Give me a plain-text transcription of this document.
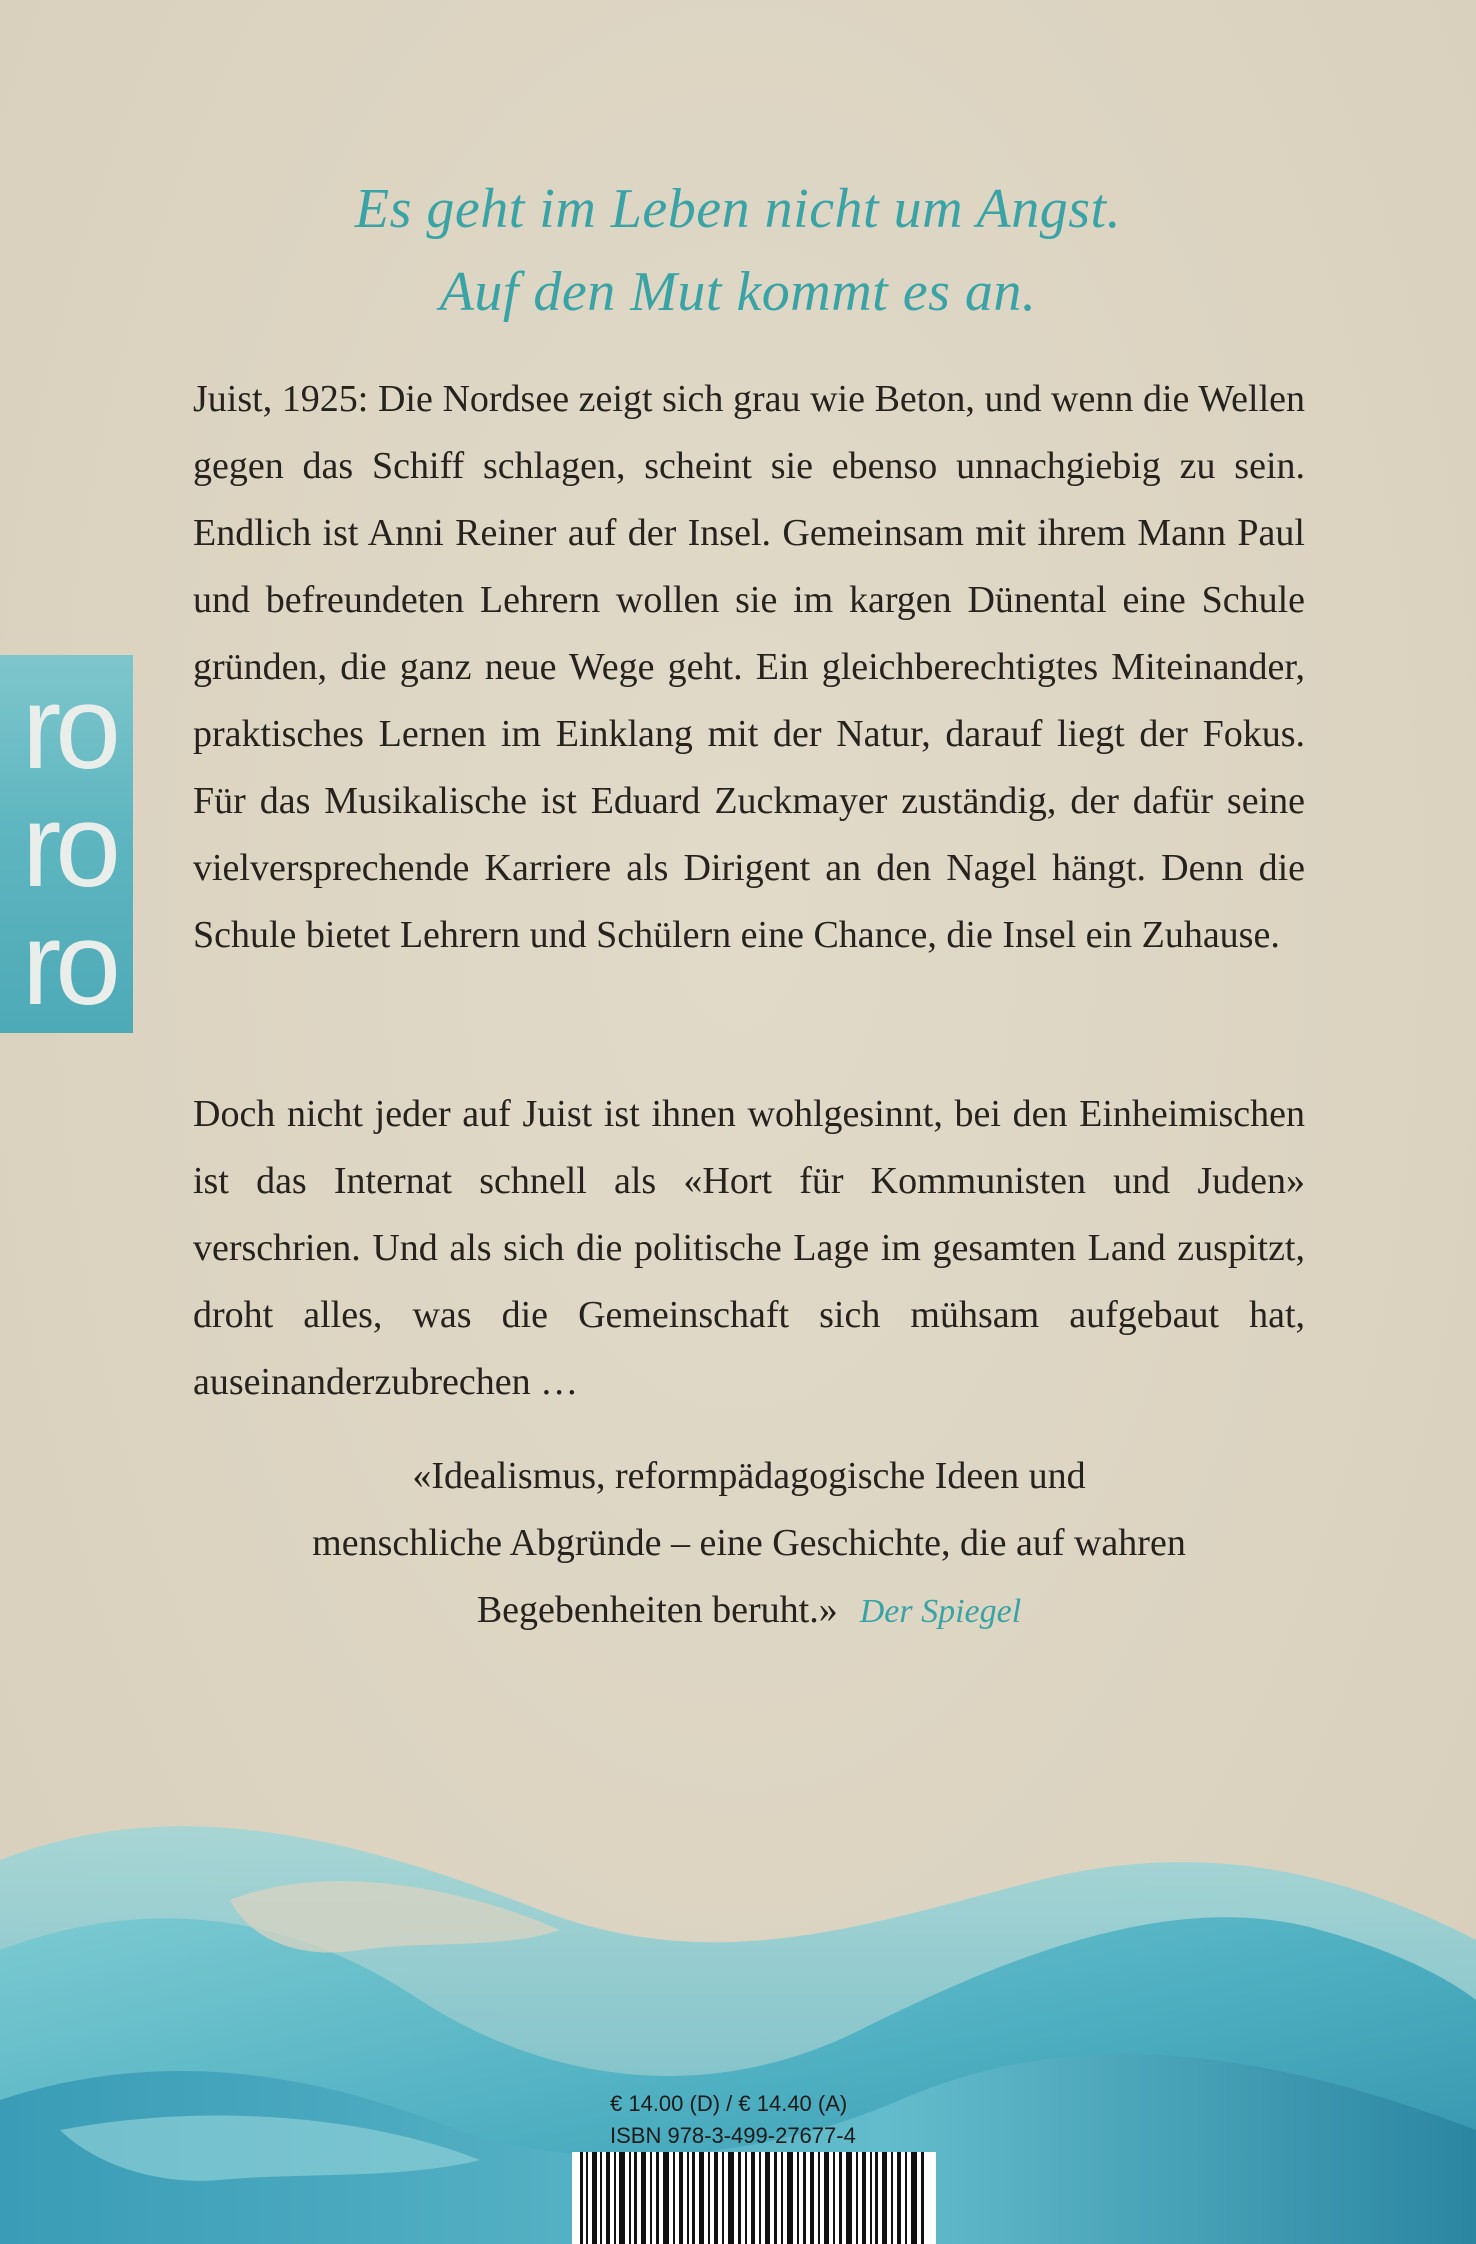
Es geht im Leben nicht um Angst.
Auf den Mut kommt es an.
Juist, 1925: Die Nordsee zeigt sich grau wie Beton, und wenn die Wellen gegen das Schiff schlagen, scheint sie ebenso unnachgiebig zu sein. Endlich ist Anni Reiner auf der Insel. Gemeinsam mit ihrem Mann Paul und befreundeten Lehrern wollen sie im kargen Dünental eine Schule gründen, die ganz neue Wege geht. Ein gleichberechtigtes Miteinander, praktisches Lernen im Einklang mit der Natur, darauf liegt der Fokus. Für das Musikalische ist Eduard Zuckmayer zuständig, der dafür seine vielversprechende Karriere als Dirigent an den Nagel hängt. Denn die Schule bietet Lehrern und Schülern eine Chance, die Insel ein Zuhause.
Doch nicht jeder auf Juist ist ihnen wohlgesinnt, bei den Einheimischen ist das Internat schnell als «Hort für Kommunisten und Juden» verschrien. Und als sich die politische Lage im gesamten Land zuspitzt, droht alles, was die Gemeinschaft sich mühsam aufgebaut hat, auseinanderzubrechen …
«Idealismus, reformpädagogische Ideen und
menschliche Abgründe – eine Geschichte, die auf wahren
Begebenheiten beruht.» Der Spiegel
ro
ro
ro
€ 14.00 (D) / € 14.40 (A)
ISBN 978-3-499-27677-4
